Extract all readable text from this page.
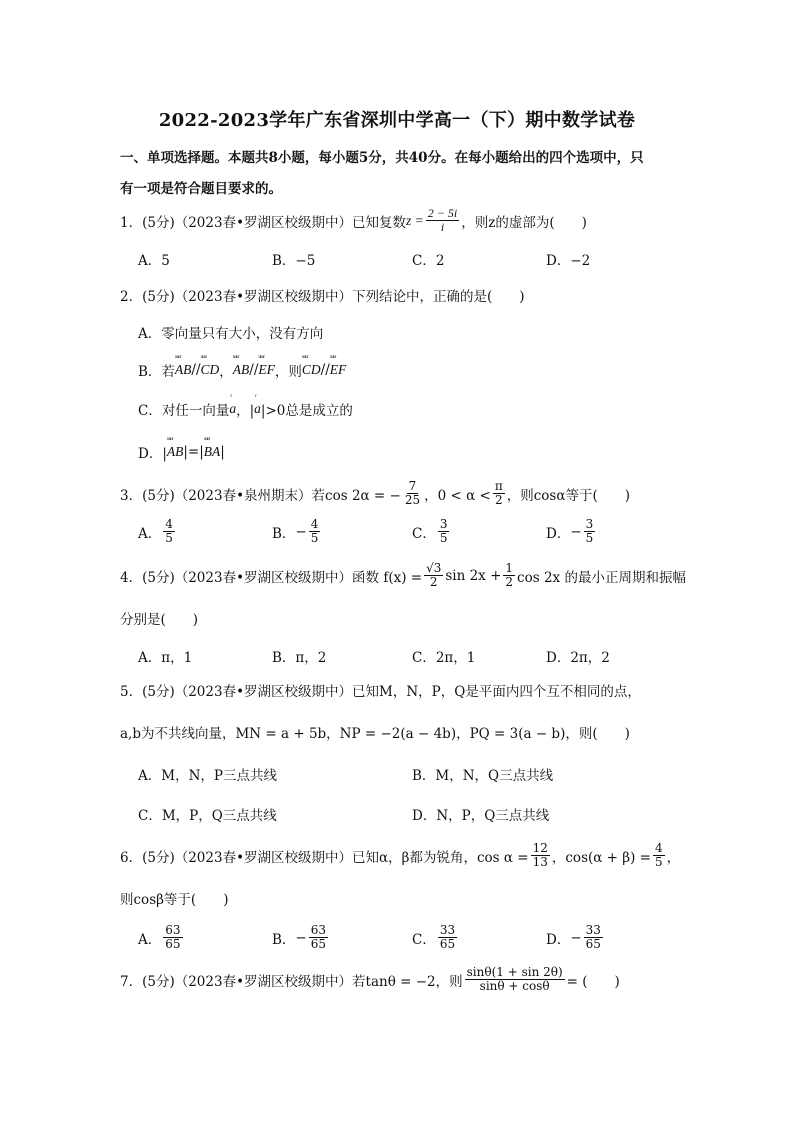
2022-2023学年广东省深圳中学高一（下）期中数学试卷
一、单项选择题。本题共8小题，每小题5分，共40分。在每小题给出的四个选项中，只
有一项是符合题目要求的。
1．(5分)（2023春•罗湖区校级期中）已知复数 $z = \frac{2 - 5i}{i}$ ，则z的虚部为(　　)
A．5	B．−5	C．2	D．−2
2．(5分)（2023春•罗湖区校级期中）下列结论中，正确的是(　　)
A．零向量只有大小，没有方向
B．若 ᵘᵘᵘʳ AB // ᵘᵘᵘʳ CD ， ᵘᵘᵘʳ AB // ᵘᵘᵘʳ EF ，则 ᵘᵘᵘʳ CD // ᵘᵘᵘʳ EF
C．对任一向量 ʳ a ，| ʳ a |>0总是成立的
D．| ᵘᵘᵘʳ AB |=| ᵘᵘᵘʳ BA |
3．(5分)（2023春•泉州期末）若cos 2α = − $\frac{7}{25}$ ，$0 < \alpha < \frac{\pi}{2}$ ，则cosα等于(　　)
A． $\frac{4}{5}$	B． − $\frac{4}{5}$	C． $\frac{3}{5}$	D． − $\frac{3}{5}$
4．(5分)（2023春•罗湖区校级期中）函数 $f(x) = \frac{√3}{2}$ $\sin 2x + \frac{1}{2}$ cos 2x 的最小正周期和振幅
分别是(　　)
A．π，1	B．π，2	C．2π，1	D．2π，2
5．(5分)（2023春•罗湖区校级期中）已知M，N，P，Q是平面内四个互不相同的点，
a,b为不共线向量，MN = a + 5b，NP = −2(a − 4b)，PQ = 3(a − b)，则(　　)
A．M，N，P三点共线	B．M，N，Q三点共线
C．M，P，Q三点共线	D．N，P，Q三点共线
6．(5分)（2023春•罗湖区校级期中）已知α，β都为锐角，$\cos \alpha = \frac{12}{13}$ ，$\cos(\alpha + \beta) = \frac{4}{5}$ ，
则cosβ等于(　　)
A． $\frac{63}{65}$	B． − $\frac{63}{65}$	C． $\frac{33}{65}$	D． − $\frac{33}{65}$
7．(5分)（2023春•罗湖区校级期中）若tanθ = −2，则 $\frac{\sin\theta(1 + \sin 2\theta)}{\sin\theta + \cos\theta}$ = (　　)
